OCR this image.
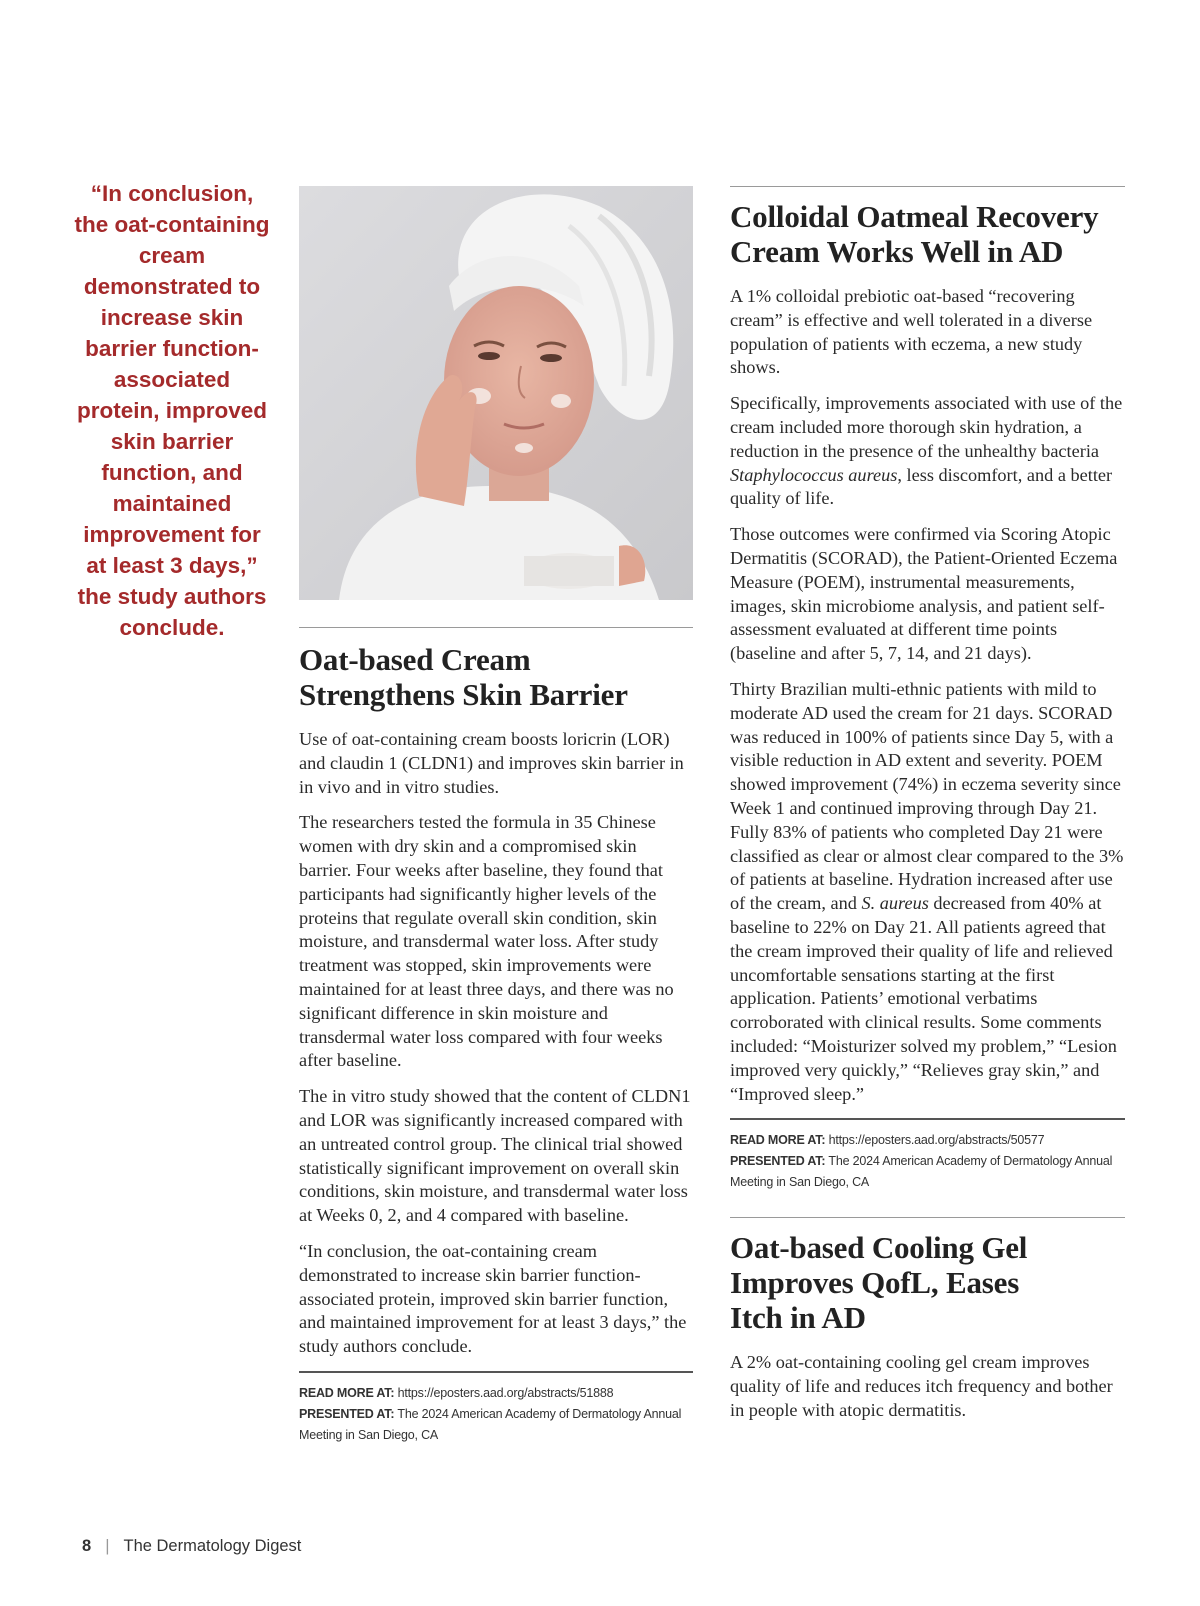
“In conclusion, the oat-containing cream demonstrated to increase skin barrier function-associated protein, improved skin barrier function, and maintained improvement for at least 3 days,” the study authors conclude.
Oat-based Cream Strengthens Skin Barrier

Use of oat-containing cream boosts loricrin (LOR) and claudin 1 (CLDN1) and improves skin barrier in in vivo and in vitro studies.

The researchers tested the formula in 35 Chinese women with dry skin and a compromised skin barrier. Four weeks after baseline, they found that participants had significantly higher levels of the proteins that regulate overall skin condition, skin moisture, and transdermal water loss. After study treatment was stopped, skin improvements were maintained for at least three days, and there was no significant difference in skin moisture and transdermal water loss compared with four weeks after baseline.

The in vitro study showed that the content of CLDN1 and LOR was significantly increased compared with an untreated control group. The clinical trial showed statistically significant improvement on overall skin conditions, skin moisture, and transdermal water loss at Weeks 0, 2, and 4 compared with baseline.

“In conclusion, the oat-containing cream demonstrated to increase skin barrier function-associated protein, improved skin barrier function, and maintained improvement for at least 3 days,” the study authors conclude.

READ MORE AT: https://eposters.aad.org/abstracts/51888
PRESENTED AT: The 2024 American Academy of Dermatology Annual Meeting in San Diego, CA
Colloidal Oatmeal Recovery Cream Works Well in AD

A 1% colloidal prebiotic oat-based “recovering cream” is effective and well tolerated in a diverse population of patients with eczema, a new study shows.

Specifically, improvements associated with use of the cream included more thorough skin hydration, a reduction in the presence of the unhealthy bacteria Staphylococcus aureus, less discomfort, and a better quality of life.

Those outcomes were confirmed via Scoring Atopic Dermatitis (SCORAD), the Patient-Oriented Eczema Measure (POEM), instrumental measurements, images, skin microbiome analysis, and patient self-assessment evaluated at different time points (baseline and after 5, 7, 14, and 21 days).

Thirty Brazilian multi-ethnic patients with mild to moderate AD used the cream for 21 days. SCORAD was reduced in 100% of patients since Day 5, with a visible reduction in AD extent and severity. POEM showed improvement (74%) in eczema severity since Week 1 and continued improving through Day 21. Fully 83% of patients who completed Day 21 were classified as clear or almost clear compared to the 3% of patients at baseline. Hydration increased after use of the cream, and S. aureus decreased from 40% at baseline to 22% on Day 21. All patients agreed that the cream improved their quality of life and relieved uncomfortable sensations starting at the first application. Patients’ emotional verbatims corroborated with clinical results. Some comments included: “Moisturizer solved my problem,” “Lesion improved very quickly,” “Relieves gray skin,” and “Improved sleep.”

READ MORE AT: https://eposters.aad.org/abstracts/50577
PRESENTED AT: The 2024 American Academy of Dermatology Annual Meeting in San Diego, CA
Oat-based Cooling Gel
Improves QofL, Eases
Itch in AD

A 2% oat-containing cooling gel cream improves quality of life and reduces itch frequency and bother in people with atopic dermatitis.

8 | The Dermatology Digest
